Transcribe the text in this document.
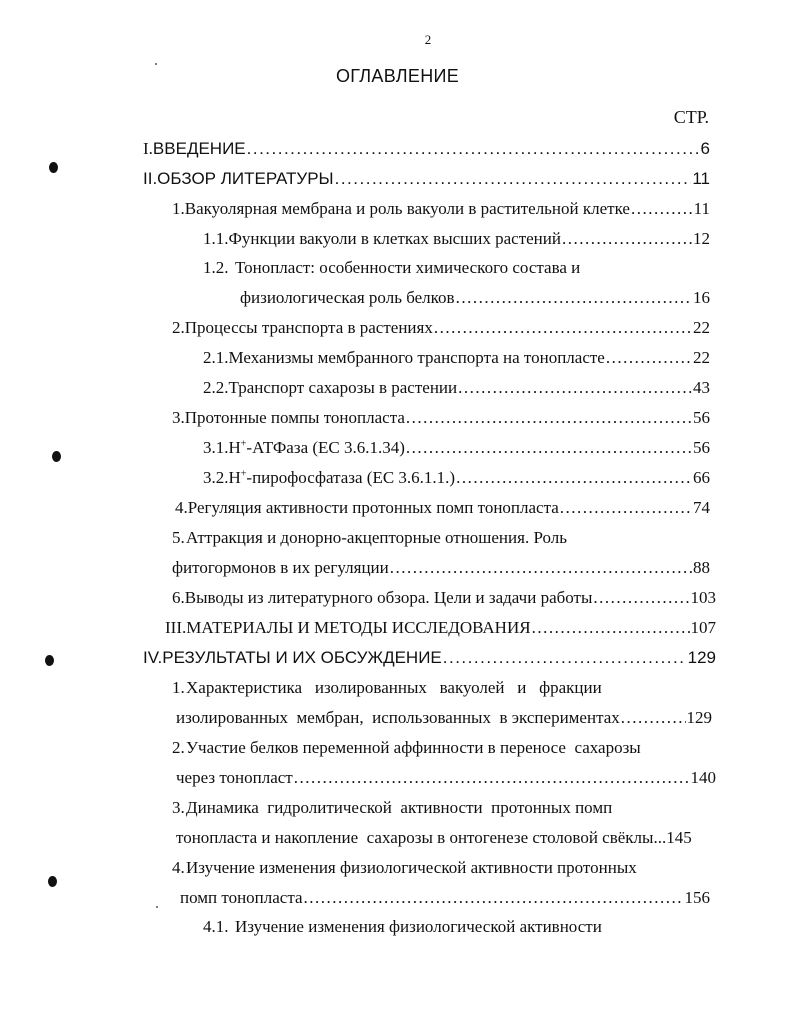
2
ОГЛАВЛЕНИЕ
СТР.
I. ВВЕДЕНИЕ .....	6
II. ОБЗОР ЛИТЕРАТУРЫ .....	11
1. Вакуолярная мембрана и роль вакуоли в растительной клетке .....	11
1.1. Функции вакуоли в клетках высших растений .....	12
1.2. Тонопласт: особенности химического состава и
физиологическая роль белков .....	16
2. Процессы транспорта в растениях .....	22
2.1. Механизмы мембранного транспорта на тонопласте .....	22
2.2. Транспорт сахарозы в растении .....	43
3. Протонные помпы тонопласта .....	56
3.1. H+-АТФаза (ЕС 3.6.1.34) .....	56
3.2. H+-пирофосфатаза (ЕС 3.6.1.1.) .....	66
4. Регуляция активности протонных помп тонопласта .....	74
5. Аттракция и донорно-акцепторные отношения. Роль
фитогормонов в их регуляции .....	88
6. Выводы из литературного обзора. Цели и задачи работы .....	103
III. МАТЕРИАЛЫ И МЕТОДЫ ИССЛЕДОВАНИЯ .....	107
IV. РЕЗУЛЬТАТЫ И ИХ ОБСУЖДЕНИЕ .....	129
1. Характеристика   изолированных   вакуолей   и   фракции
изолированных  мембран,  использованных  в экспериментах .....	129
2. Участие белков переменной аффинности в переносе  сахарозы
через тонопласт .....	140
3. Динамика  гидролитической  активности  протонных помп
тонопласта и накопление  сахарозы в онтогенезе столовой свёклы ... 145
4. Изучение изменения физиологической активности протонных
помп тонопласта .....	156
4.1. Изучение изменения физиологической активности
